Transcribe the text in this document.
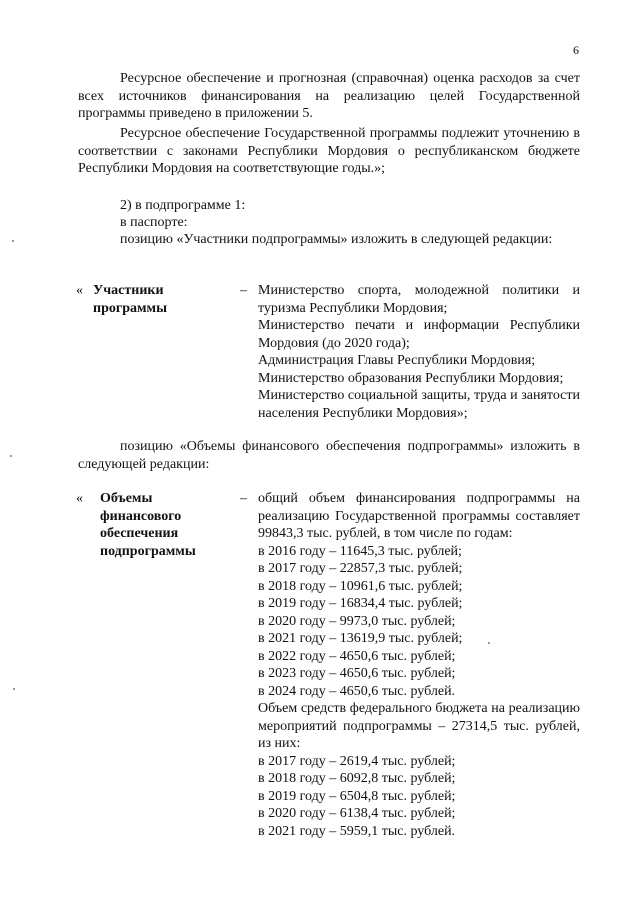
6

Ресурсное обеспечение и прогнозная (справочная) оценка расходов за счет всех источников финансирования на реализацию целей Государственной программы приведено в приложении 5.

Ресурсное обеспечение Государственной программы подлежит уточнению в соответствии с законами Республики Мордовия о республиканском бюджете Республики Мордовия на соответствующие годы.»;

2) в подпрограмме 1:
в паспорте:

позицию «Участники подпрограммы» изложить в следующей редакции:

« Участники программы
– Министерство спорта, молодежной политики и туризма Республики Мордовия;

Министерство печати и информации Республики Мордовия (до 2020 года);

Администрация Главы Республики Мордовия;

Министерство образования Республики Мордовия;

Министерство социальной защиты, труда и занятости населения Республики Мордовия»;

позицию «Объемы финансового обеспечения подпрограммы» изложить в следующей редакции:

« Объемы финансового обеспечения подпрограммы
– общий объем финансирования подпрограммы на реализацию Государственной программы составляет 99843,3 тыс. рублей, в том числе по годам:

в 2016 году – 11645,3 тыс. рублей;

в 2017 году – 22857,3 тыс. рублей;

в 2018 году – 10961,6 тыс. рублей;

в 2019 году – 16834,4 тыс. рублей;

в 2020 году – 9973,0 тыс. рублей;

в 2021 году – 13619,9 тыс. рублей;

в 2022 году – 4650,6 тыс. рублей;

в 2023 году – 4650,6 тыс. рублей;

в 2024 году – 4650,6 тыс. рублей.

Объем средств федерального бюджета на реализацию мероприятий подпрограммы – 27314,5 тыс. рублей, из них:

в 2017 году – 2619,4 тыс. рублей;

в 2018 году – 6092,8 тыс. рублей;

в 2019 году – 6504,8 тыс. рублей;

в 2020 году – 6138,4 тыс. рублей;

в 2021 году – 5959,1 тыс. рублей.
